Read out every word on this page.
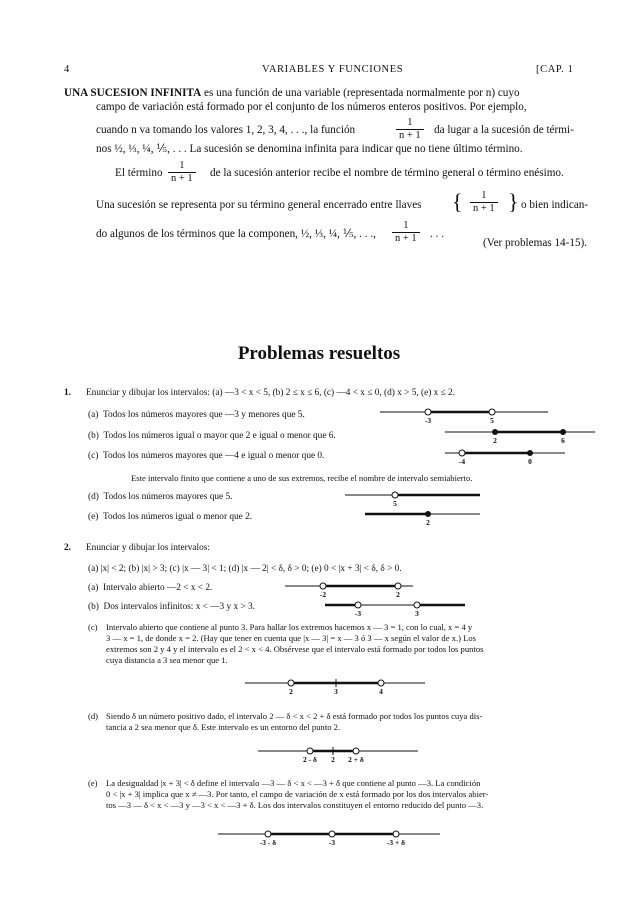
4	VARIABLES Y FUNCIONES	[CAP. 1
UNA SUCESION INFINITA es una función de una variable (representada normalmente por n) cuyo
campo de variación está formado por el conjunto de los números enteros positivos. Por ejemplo,
cuando n va tomando los valores 1, 2, 3, 4, . . ., la función	$\frac{1}{n + 1}$ da lugar a la sucesión de térmi-
nos ½, ⅓, ¼, ⅕, . . . La sucesión se denomina infinita para indicar que no tiene último término.
El término $\frac{1}{n + 1}$ de la sucesión anterior recibe el nombre de término general o término enésimo.
Una sucesión se representa por su término general encerrado entre llaves { $\frac{1}{n + 1}$ } o bien indican-
do algunos de los términos que la componen, ½, ⅓, ¼, ⅕, . . ., $\frac{1}{n + 1}$ . . .
(Ver problemas 14-15).
Problemas resueltos
1. Enunciar y dibujar los intervalos: (a) —3 < x < 5, (b) 2 ≤ x ≤ 6, (c) —4 < x ≤ 0, (d) x > 5, (e) x ≤ 2.
(a) Todos los números mayores que —3 y menores que 5.
-3	5
(b) Todos los números igual o mayor que 2 e igual o menor que 6.	2	6
(c) Todos los números mayores que —4 e igual o menor que 0.
-4	0
Este intervalo finito que contiene a uno de sus extremos, recibe el nombre de intervalo semiabierto.
(d) Todos los números mayores que 5.
5
(e) Todos los números igual o menor que 2.
2
2. Enunciar y dibujar los intervalos:
(a) |x| < 2; (b) |x| > 3; (c) |x — 3| < 1; (d) |x — 2| < δ, δ > 0; (e) 0 < |x + 3| < δ, δ > 0.
(a) Intervalo abierto —2 < x < 2.
-2	2
(b) Dos intervalos infinitos: x < —3 y x > 3.
-3	3
(c) Intervalo abierto que contiene al punto 3. Para hallar los extremos hacemos x — 3 = 1, con lo cual, x = 4 y
3 — x = 1, de donde x = 2. (Hay que tener en cuenta que |x — 3| = x — 3 ó 3 — x según el valor de x.) Los
extremos son 2 y 4 y el intervalo es el 2 < x < 4. Obsérvese que el intervalo está formado por todos los puntos
cuya distancia a 3 sea menor que 1.
2	3	4
(d) Siendo δ un número positivo dado, el intervalo 2 — δ < x < 2 + δ está formado por todos los puntos cuya dis-
tancia a 2 sea menor que δ. Este intervalo es un entorno del punto 2.
2 - δ	2	2 + δ
(e) La desigualdad |x + 3| < δ define el intervalo —3 — δ < x < —3 + δ que contiene al punto —3. La condición
0 < |x + 3| implica que x ≠ —3. Por tanto, el campo de variación de x está formado por los dos intervalos abier-
tos —3 — δ < x < —3 y —3 < x < —3 + δ. Los dos intervalos constituyen el entorno reducido del punto —3.
-3 - δ	-3	-3 + δ
